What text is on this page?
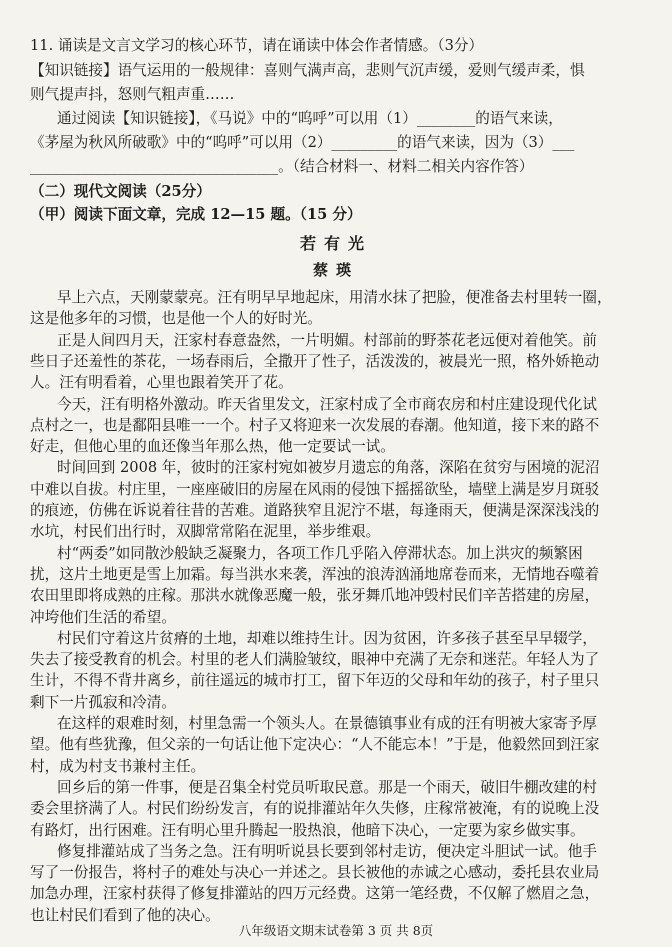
11. 诵读是文言文学习的核心环节，请在诵读中体会作者情感。（3分）
【知识链接】语气运用的一般规律：喜则气满声高，悲则气沉声缓，爱则气缓声柔，惧
则气提声抖，怒则气粗声重……
通过阅读【知识链接】，《马说》中的“呜呼”可以用（1）________的语气来读，
《茅屋为秋风所破歌》中的“呜呼”可以用（2）_________的语气来读，因为（3）___
__________________________________。（结合材料一、材料二相关内容作答）
（二）现代文阅读（25分）
（甲）阅读下面文章，完成 12—15 题。（15 分）
若有光
蔡瑛
早上六点，天刚蒙蒙亮。汪有明早早地起床，用清水抹了把脸，便准备去村里转一圈，
这是他多年的习惯，也是他一个人的好时光。
正是人间四月天，汪家村春意盎然，一片明媚。村部前的野茶花老远便对着他笑。前
些日子还羞性的茶花，一场春雨后，全撒开了性子，活泼泼的，被晨光一照，格外娇艳动
人。汪有明看着，心里也跟着笑开了花。
今天，汪有明格外激动。昨天省里发文，汪家村成了全市商农房和村庄建设现代化试
点村之一，也是鄱阳县唯一一个。村子又将迎来一次发展的春潮。他知道，接下来的路不
好走，但他心里的血还像当年那么热，他一定要试一试。
时间回到 2008 年，彼时的汪家村宛如被岁月遗忘的角落，深陷在贫穷与困境的泥沼
中难以自拔。村庄里，一座座破旧的房屋在风雨的侵蚀下摇摇欲坠，墙壁上满是岁月斑驳
的痕迹，仿佛在诉说着往昔的苦难。道路狭窄且泥泞不堪，每逢雨天，便满是深深浅浅的
水坑，村民们出行时，双脚常常陷在泥里，举步维艰。
村“两委”如同散沙般缺乏凝聚力，各项工作几乎陷入停滞状态。加上洪灾的频繁困
扰，这片土地更是雪上加霜。每当洪水来袭，浑浊的浪涛汹涌地席卷而来，无情地吞噬着
农田里即将成熟的庄稼。那洪水就像恶魔一般，张牙舞爪地冲毁村民们辛苦搭建的房屋，
冲垮他们生活的希望。
村民们守着这片贫瘠的土地，却难以维持生计。因为贫困，许多孩子甚至早早辍学，
失去了接受教育的机会。村里的老人们满脸皱纹，眼神中充满了无奈和迷茫。年轻人为了
生计，不得不背井离乡，前往遥远的城市打工，留下年迈的父母和年幼的孩子，村子里只
剩下一片孤寂和冷清。
在这样的艰难时刻，村里急需一个领头人。在景德镇事业有成的汪有明被大家寄予厚
望。他有些犹豫，但父亲的一句话让他下定决心：“人不能忘本！”于是，他毅然回到汪家
村，成为村支书兼村主任。
回乡后的第一件事，便是召集全村党员听取民意。那是一个雨天，破旧牛棚改建的村
委会里挤满了人。村民们纷纷发言，有的说排灌站年久失修，庄稼常被淹，有的说晚上没
有路灯，出行困难。汪有明心里升腾起一股热浪，他暗下决心，一定要为家乡做实事。
修复排灌站成了当务之急。汪有明听说县长要到邻村走访，便决定斗胆试一试。他手
写了一份报告，将村子的难处与决心一并述之。县长被他的赤诚之心感动，委托县农业局
加急办理，汪家村获得了修复排灌站的四万元经费。这第一笔经费，不仅解了燃眉之急，
也让村民们看到了他的决心。
八年级语文期末试卷第 3 页 共 8页
